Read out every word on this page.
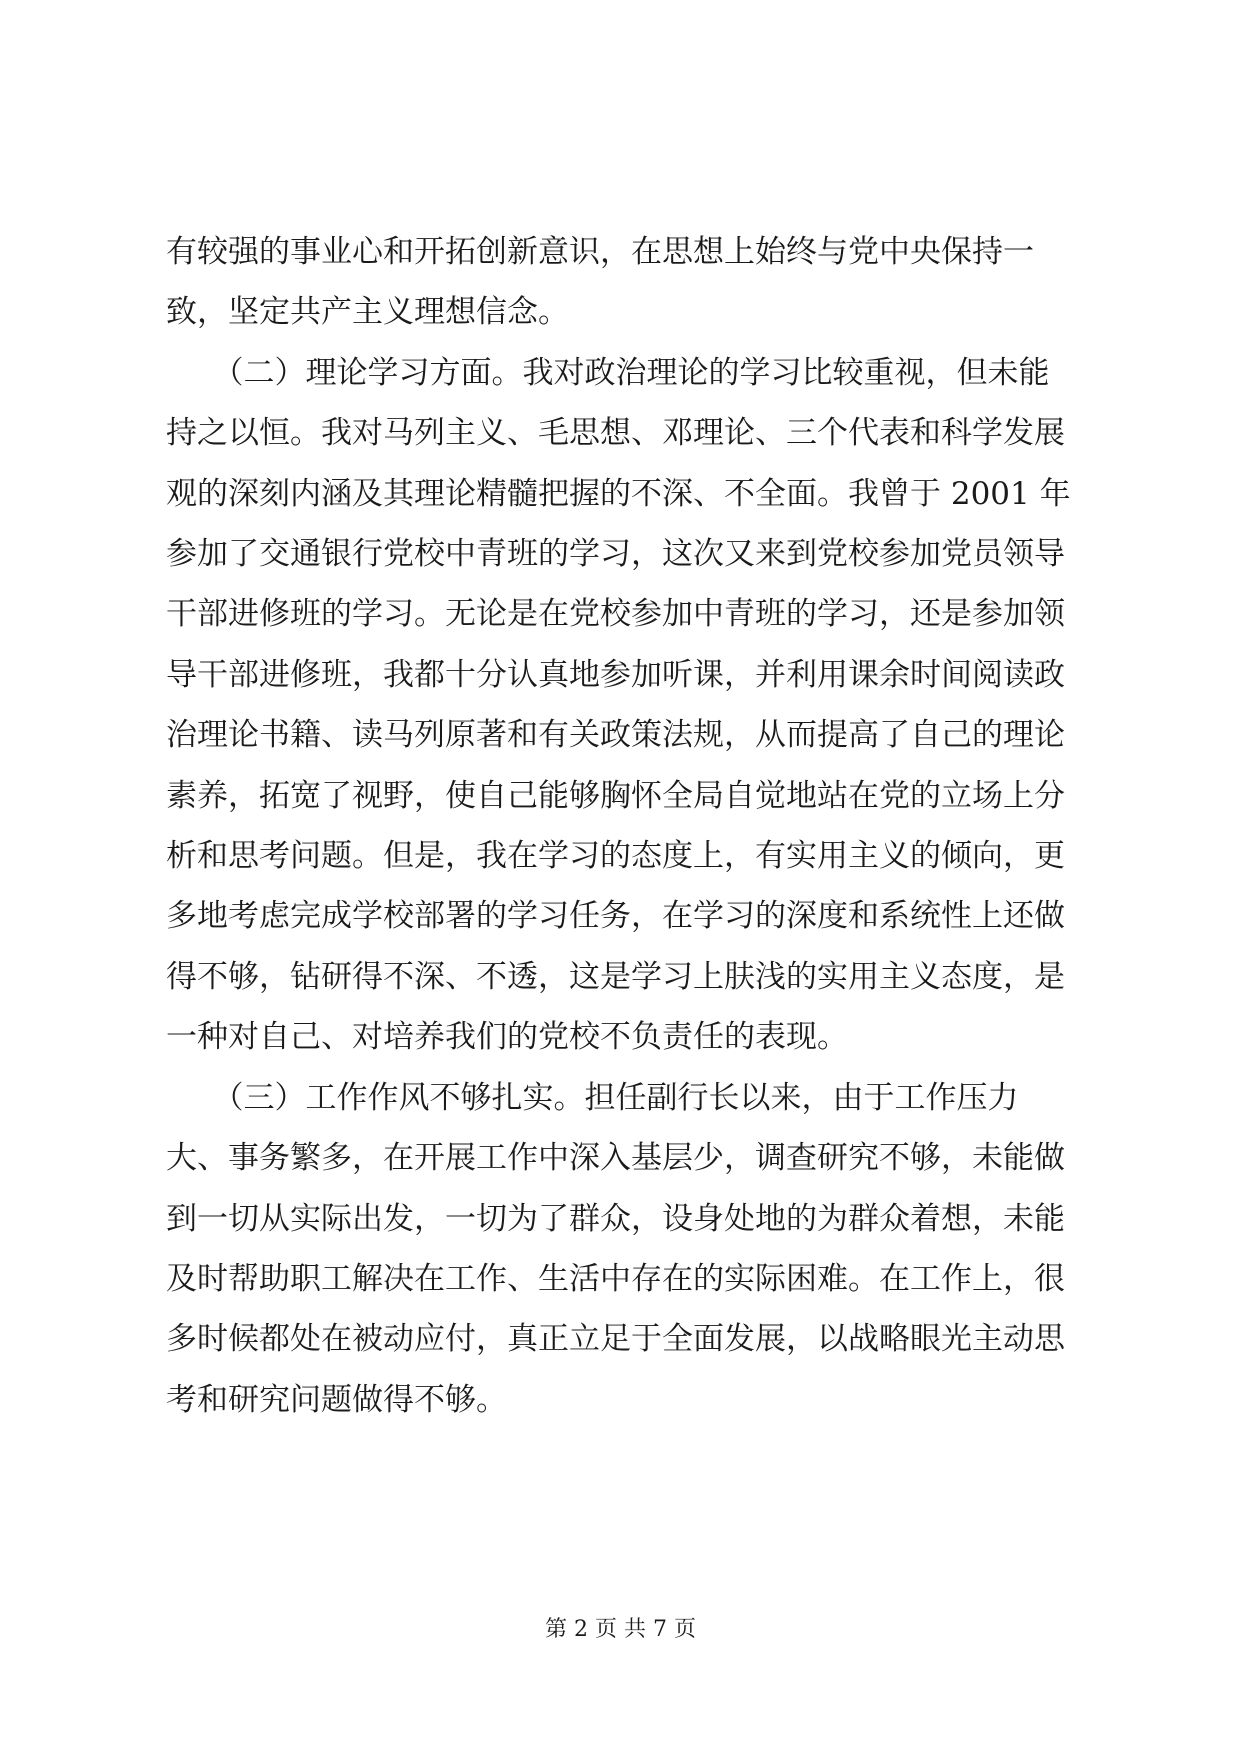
有较强的事业心和开拓创新意识，在思想上始终与党中央保持一致，坚定共产主义理想信念。

　　（二）理论学习方面。我对政治理论的学习比较重视，但未能持之以恒。我对马列主义、毛思想、邓理论、三个代表和科学发展观的深刻内涵及其理论精髓把握的不深、不全面。我曾于 2001 年参加了交通银行党校中青班的学习，这次又来到党校参加党员领导干部进修班的学习。无论是在党校参加中青班的学习，还是参加领导干部进修班，我都十分认真地参加听课，并利用课余时间阅读政治理论书籍、读马列原著和有关政策法规，从而提高了自己的理论素养，拓宽了视野，使自己能够胸怀全局自觉地站在党的立场上分析和思考问题。但是，我在学习的态度上，有实用主义的倾向，更多地考虑完成学校部署的学习任务，在学习的深度和系统性上还做得不够，钻研得不深、不透，这是学习上肤浅的实用主义态度，是一种对自己、对培养我们的党校不负责任的表现。

　　（三）工作作风不够扎实。担任副行长以来，由于工作压力大、事务繁多，在开展工作中深入基层少，调查研究不够，未能做到一切从实际出发，一切为了群众，设身处地的为群众着想，未能及时帮助职工解决在工作、生活中存在的实际困难。在工作上，很多时候都处在被动应付，真正立足于全面发展，以战略眼光主动思考和研究问题做得不够。

第 2 页 共 7 页
